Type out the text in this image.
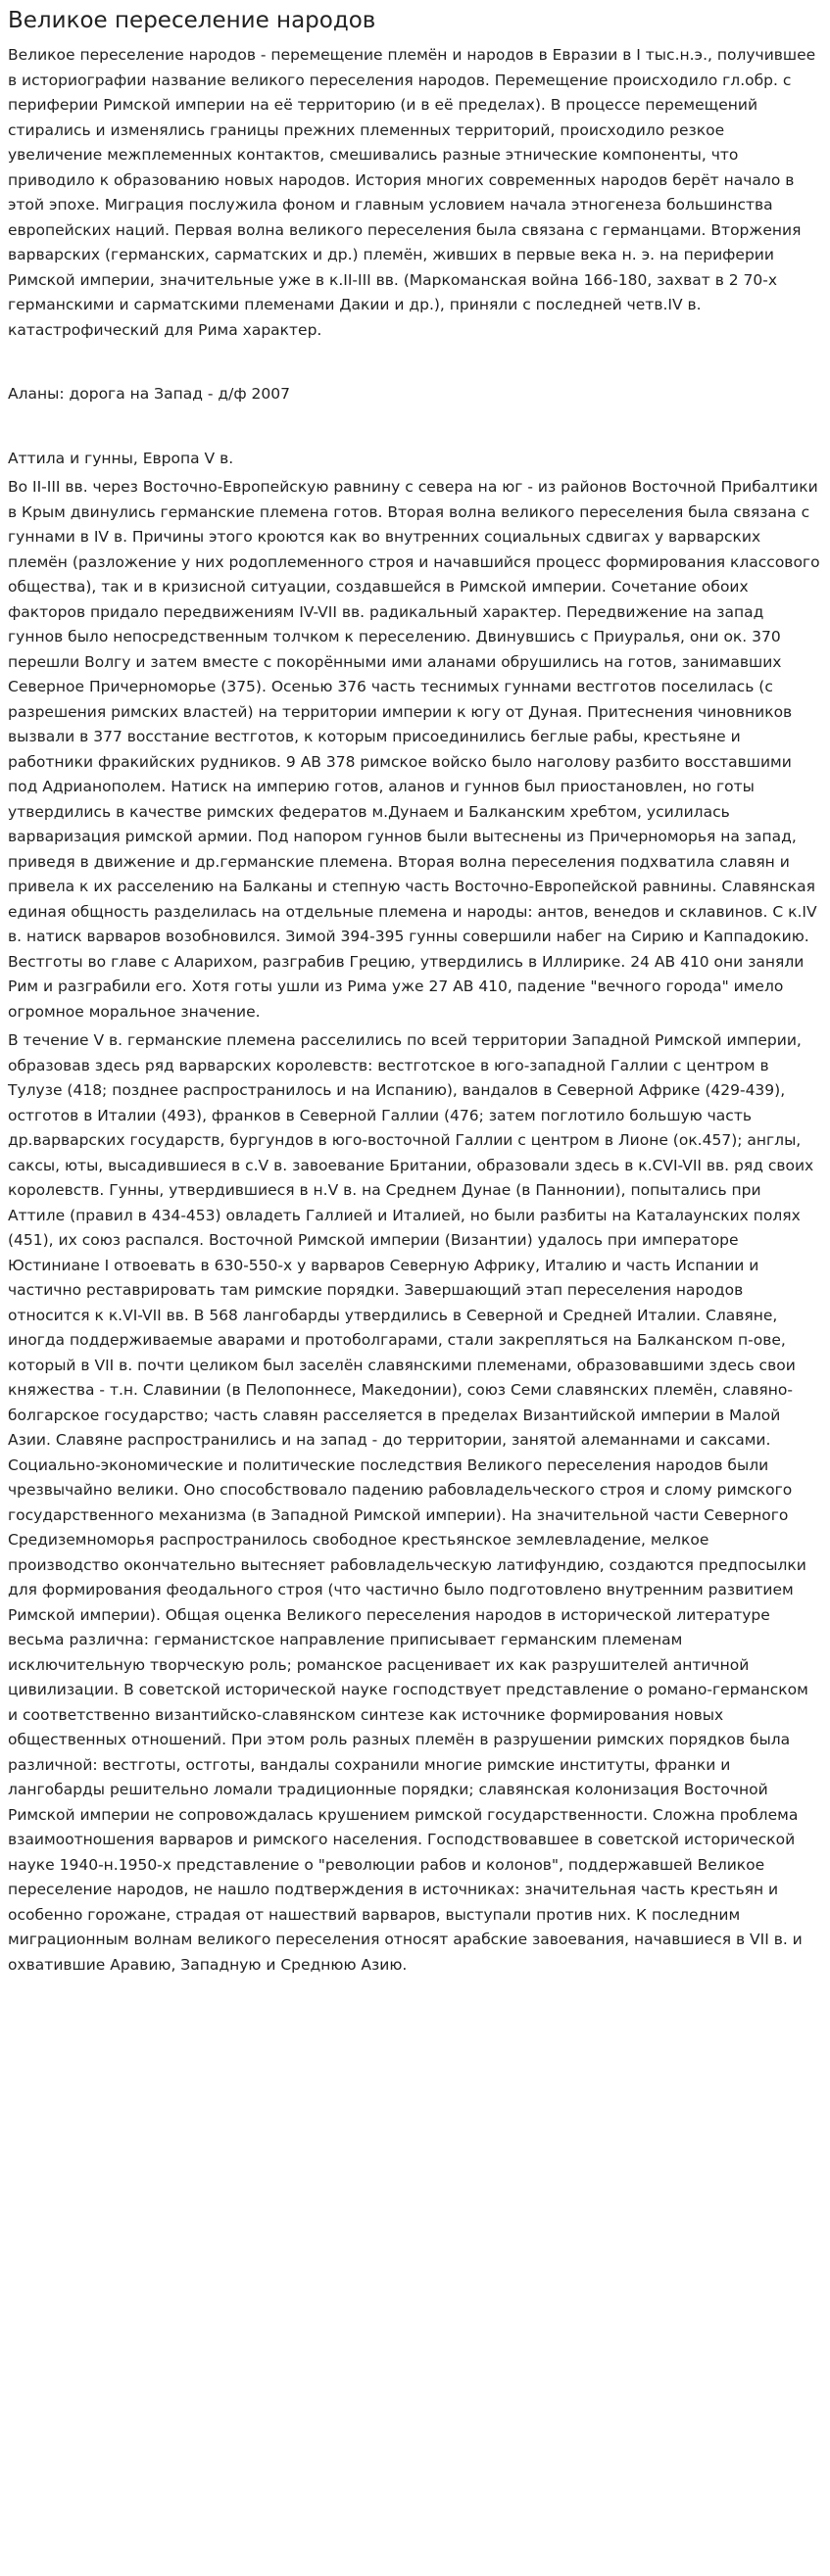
Великое переселение народов

Великое переселение народов - перемещение племён и народов в Евразии в I тыс.н.э., получившее в историографии название великого переселения народов. Перемещение происходило гл.обр. с периферии Римской империи на её территорию (и в её пределах). В процессе перемещений стирались и изменялись границы прежних племенных территорий, происходило резкое увеличение межплеменных контактов, смешивались разные этнические компоненты, что приводило к образованию новых народов. История многих современных народов берёт начало в этой эпохе. Миграция послужила фоном и главным условием начала этногенеза большинства европейских наций. Первая волна великого переселения была связана с германцами. Вторжения варварских (германских, сарматских и др.) племён, живших в первые века н. э. на периферии Римской империи, значительные уже в к.II-III вв. (Маркоманская война 166-180, захват в 2 70-х германскими и сарматскими племенами Дакии и др.), приняли с последней четв.IV в. катастрофический для Рима характер.

Аланы: дорога на Запад - д/ф 2007

Аттила и гунны, Европа V в.

Во II-III вв. через Восточно-Европейскую равнину с севера на юг - из районов Восточной Прибалтики в Крым двинулись германские племена готов. Вторая волна великого переселения была связана с гуннами в IV в. Причины этого кроются как во внутренних социальных сдвигах у варварских племён (разложение у них родоплеменного строя и начавшийся процесс формирования классового общества), так и в кризисной ситуации, создавшейся в Римской империи. Сочетание обоих факторов придало передвижениям IV-VII вв. радикальный характер. Передвижение на запад гуннов было непосредственным толчком к переселению. Двинувшись с Приуралья, они ок. 370 перешли Волгу и затем вместе с покорёнными ими аланами обрушились на готов, занимавших Северное Причерноморье (375). Осенью 376 часть теснимых гуннами вестготов поселилась (с разрешения римских властей) на территории империи к югу от Дуная. Притеснения чиновников вызвали в 377 восстание вестготов, к которым присоединились беглые рабы, крестьяне и работники фракийских рудников. 9 АВ 378 римское войско было наголову разбито восставшими под Адрианополем. Натиск на империю готов, аланов и гуннов был приостановлен, но готы утвердились в качестве римских федератов м.Дунаем и Балканским хребтом, усилилась варваризация римской армии. Под напором гуннов были вытеснены из Причерноморья на запад, приведя в движение и др.германские племена. Вторая волна переселения подхватила славян и привела к их расселению на Балканы и степную часть Восточно-Европейской равнины. Славянская единая общность разделилась на отдельные племена и народы: антов, венедов и склавинов. С к.IV в. натиск варваров возобновился. Зимой 394-395 гунны совершили набег на Сирию и Каппадокию. Вестготы во главе с Аларихом, разграбив Грецию, утвердились в Иллирике. 24 АВ 410 они заняли Рим и разграбили его. Хотя готы ушли из Рима уже 27 АВ 410, падение "вечного города" имело огромное моральное значение.

В течение V в. германские племена расселились по всей территории Западной Римской империи, образовав здесь ряд варварских королевств: вестготское в юго-западной Галлии с центром в Тулузе (418; позднее распространилось и на Испанию), вандалов в Северной Африке (429-439), остготов в Италии (493), франков в Северной Галлии (476; затем поглотило большую часть др.варварских государств, бургундов в юго-восточной Галлии с центром в Лионе (ок.457); англы, саксы, юты, высадившиеся в с.V в. завоевание Британии, образовали здесь в к.CVI-VII вв. ряд своих королевств. Гунны, утвердившиеся в н.V в. на Среднем Дунае (в Паннонии), попытались при Аттиле (правил в 434-453) овладеть Галлией и Италией, но были разбиты на Каталаунских полях (451), их союз распался. Восточной Римской империи (Византии) удалось при императоре Юстиниане I отвоевать в 630-550-х у варваров Северную Африку, Италию и часть Испании и частично реставрировать там римские порядки. Завершающий этап переселения народов относится к к.VI-VII вв. В 568 лангобарды утвердились в Северной и Средней Италии. Славяне, иногда поддерживаемые аварами и протоболгарами, стали закрепляться на Балканском п-ове, который в VII в. почти целиком был заселён славянскими племенами, образовавшими здесь свои княжества - т.н. Славинии (в Пелопоннесе, Македонии), союз Семи славянских племён, славяно-болгарское государство; часть славян расселяется в пределах Византийской империи в Малой Азии. Славяне распространились и на запад - до территории, занятой алеманнами и саксами. Социально-экономические и политические последствия Великого переселения народов были чрезвычайно велики. Оно способствовало падению рабовладельческого строя и слому римского государственного механизма (в Западной Римской империи). На значительной части Северного Средиземноморья распространилось свободное крестьянское землевладение, мелкое производство окончательно вытесняет рабовладельческую латифундию, создаются предпосылки для формирования феодального строя (что частично было подготовлено внутренним развитием Римской империи). Общая оценка Великого переселения народов в исторической литературе весьма различна: германистское направление приписывает германским племенам исключительную творческую роль; романское расценивает их как разрушителей античной цивилизации. В советской исторической науке господствует представление о романо-германском и соответственно византийско-славянском синтезе как источнике формирования новых общественных отношений. При этом роль разных племён в разрушении римских порядков была различной: вестготы, остготы, вандалы сохранили многие римские институты, франки и лангобарды решительно ломали традиционные порядки; славянская колонизация Восточной Римской империи не сопровождалась крушением римской государственности. Сложна проблема взаимоотношения варваров и римского населения. Господствовавшее в советской исторической науке 1940-н.1950-х представление о "революции рабов и колонов", поддержавшей Великое переселение народов, не нашло подтверждения в источниках: значительная часть крестьян и особенно горожане, страдая от нашествий варваров, выступали против них. К последним миграционным волнам великого переселения относят арабские завоевания, начавшиеся в VII в. и охватившие Аравию, Западную и Среднюю Азию.
